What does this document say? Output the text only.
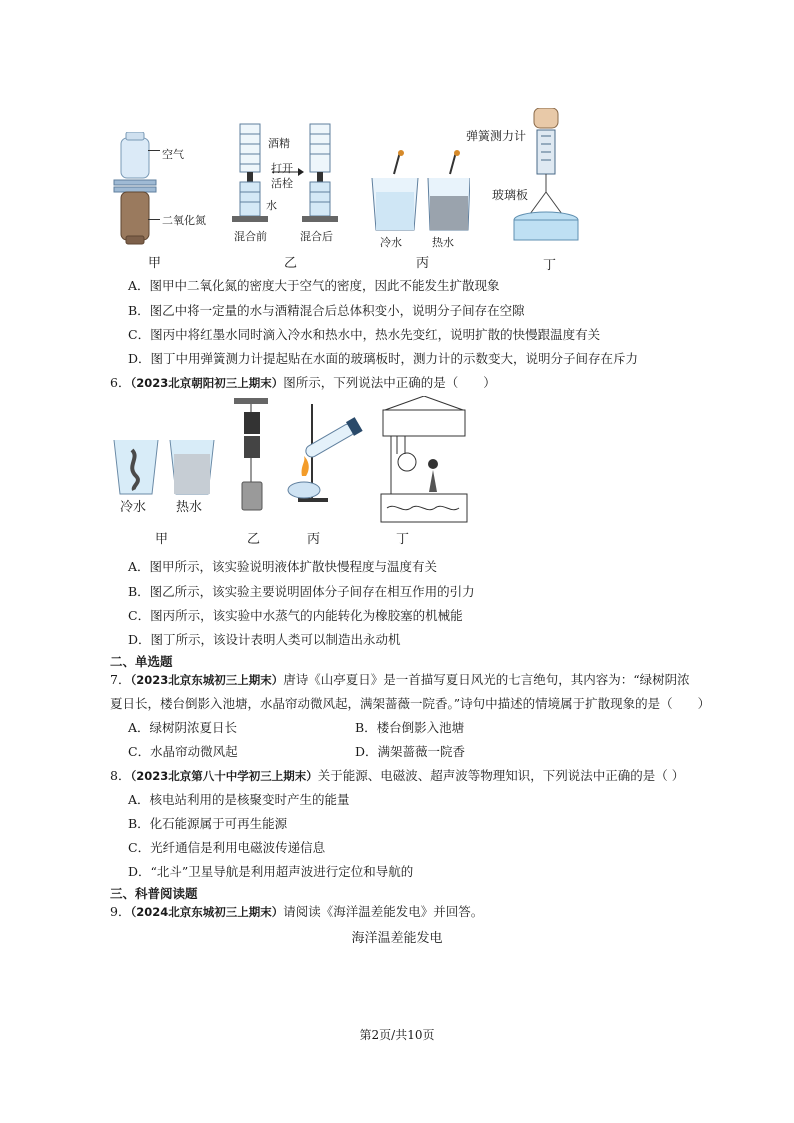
空气
二氧化氮
甲
酒精
打开
活栓
水
混合前	混合后
乙
冷水	热水
丙
弹簧测力计
玻璃板
丁
A．图甲中二氧化氮的密度大于空气的密度，因此不能发生扩散现象
B．图乙中将一定量的水与酒精混合后总体积变小，说明分子间存在空隙
C．图丙中将红墨水同时滴入冷水和热水中，热水先变红，说明扩散的快慢跟温度有关
D．图丁中用弹簧测力计提起贴在水面的玻璃板时，测力计的示数变大，说明分子间存在斥力
6．（2023北京朝阳初三上期末）图所示，下列说法中正确的是（　　）
冷水 热水
甲	乙	丙	丁
A．图甲所示，该实验说明液体扩散快慢程度与温度有关
B．图乙所示，该实验主要说明固体分子间存在相互作用的引力
C．图丙所示，该实验中水蒸气的内能转化为橡胶塞的机械能
D．图丁所示，该设计表明人类可以制造出永动机
二、单选题
7．（2023北京东城初三上期末）唐诗《山亭夏日》是一首描写夏日风光的七言绝句，其内容为：“绿树阴浓
夏日长，楼台倒影入池塘，水晶帘动微风起，满架蔷薇一院香。”诗句中描述的情境属于扩散现象的是（　　）
A．绿树阴浓夏日长	B．楼台倒影入池塘
C．水晶帘动微风起	D．满架蔷薇一院香
8．（2023北京第八十中学初三上期末）关于能源、电磁波、超声波等物理知识，下列说法中正确的是（ ）
A．核电站利用的是核聚变时产生的能量
B．化石能源属于可再生能源
C．光纤通信是利用电磁波传递信息
D．“北斗”卫星导航是利用超声波进行定位和导航的
三、科普阅读题
9．（2024北京东城初三上期末）请阅读《海洋温差能发电》并回答。
海洋温差能发电
第2页/共10页
